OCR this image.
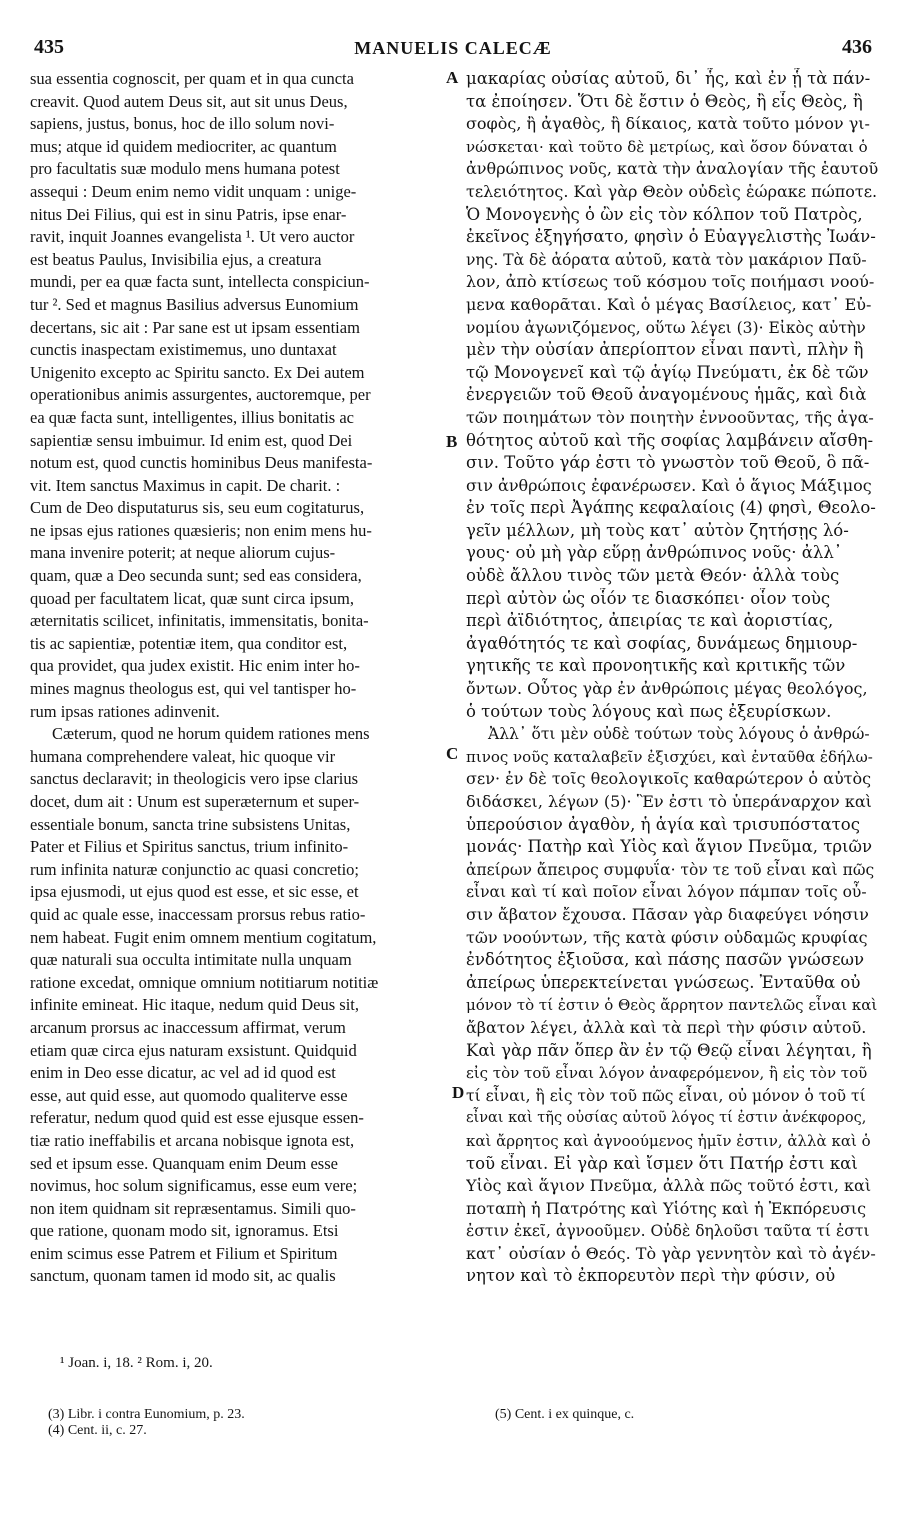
435	MANUELIS CALECÆ	436
sua essentia cognoscit, per quam et in qua cuncta
creavit. Quod autem Deus sit, aut sit unus Deus,
sapiens, justus, bonus, hoc de illo solum novi-
mus; atque id quidem mediocriter, ac quantum
pro facultatis suæ modulo mens humana potest
assequi : Deum enim nemo vidit unquam : unige-
nitus Dei Filius, qui est in sinu Patris, ipse enar-
ravit, inquit Joannes evangelista ¹. Ut vero auctor
est beatus Paulus, Invisibilia ejus, a creatura
mundi, per ea quæ facta sunt, intellecta conspiciun-
tur ². Sed et magnus Basilius adversus Eunomium
decertans, sic ait : Par sane est ut ipsam essentiam
cunctis inaspectam existimemus, uno duntaxat
Unigenito excepto ac Spiritu sancto. Ex Dei autem
operationibus animis assurgentes, auctoremque, per
ea quæ facta sunt, intelligentes, illius bonitatis ac
sapientiæ sensu imbuimur. Id enim est, quod Dei
notum est, quod cunctis hominibus Deus manifesta-
vit. Item sanctus Maximus in capit. De charit. :
Cum de Deo disputaturus sis, seu eum cogitaturus,
ne ipsas ejus rationes quæsieris; non enim mens hu-
mana invenire poterit; at neque aliorum cujus-
quam, quæ a Deo secunda sunt; sed eas considera,
quoad per facultatem licat, quæ sunt circa ipsum,
æternitatis scilicet, infinitatis, immensitatis, bonita-
tis ac sapientiæ, potentiæ item, qua conditor est,
qua providet, qua judex existit. Hic enim inter ho-
mines magnus theologus est, qui vel tantisper ho-
rum ipsas rationes adinvenit.
Cæterum, quod ne horum quidem rationes mens
humana comprehendere valeat, hic quoque vir
sanctus declaravit; in theologicis vero ipse clarius
docet, dum ait : Unum est superæternum et super-
essentiale bonum, sancta trine subsistens Unitas,
Pater et Filius et Spiritus sanctus, trium infinito-
rum infinita naturæ conjunctio ac quasi concretio;
ipsa ejusmodi, ut ejus quod est esse, et sic esse, et
quid ac quale esse, inaccessam prorsus rebus ratio-
nem habeat. Fugit enim omnem mentium cogitatum,
quæ naturali sua occulta intimitate nulla unquam
ratione excedat, omnique omnium notitiarum notitiæ
infinite emineat. Hic itaque, nedum quid Deus sit,
arcanum prorsus ac inaccessum affirmat, verum
etiam quæ circa ejus naturam exsistunt. Quidquid
enim in Deo esse dicatur, ac vel ad id quod est
esse, aut quid esse, aut quomodo qualiterve esse
referatur, nedum quod quid est esse ejusque essen-
tiæ ratio ineffabilis et arcana nobisque ignota est,
sed et ipsum esse. Quanquam enim Deum esse
novimus, hoc solum significamus, esse eum vere;
non item quidnam sit repræsentamus. Simili quo-
que ratione, quonam modo sit, ignoramus. Etsi
enim scimus esse Patrem et Filium et Spiritum
sanctum, quonam tamen id modo sit, ac qualis
μακαρίας οὐσίας αὐτοῦ, δι᾽ ἧς, καὶ ἐν ᾗ τὰ πάν-
τα ἐποίησεν. Ὅτι δὲ ἔστιν ὁ Θεὸς, ἢ εἷς Θεὸς, ἢ
σοφὸς, ἢ ἀγαθὸς, ἢ δίκαιος, κατὰ τοῦτο μόνον γι-
νώσκεται· καὶ τοῦτο δὲ μετρίως, καὶ ὅσον δύναται ὁ
ἀνθρώπινος νοῦς, κατὰ τὴν ἀναλογίαν τῆς ἑαυτοῦ
τελειότητος. Καὶ γὰρ Θεὸν οὐδεὶς ἑώρακε πώποτε.
Ὁ Μονογενὴς ὁ ὢν εἰς τὸν κόλπον τοῦ Πατρὸς,
ἐκεῖνος ἐξηγήσατο, φησὶν ὁ Εὐαγγελιστὴς Ἰωάν-
νης. Τὰ δὲ ἀόρατα αὐτοῦ, κατὰ τὸν μακάριον Παῦ-
λον, ἀπὸ κτίσεως τοῦ κόσμου τοῖς ποιήμασι νοού-
μενα καθορᾶται. Καὶ ὁ μέγας Βασίλειος, κατ᾽ Εὐ-
νομίου ἀγωνιζόμενος, οὕτω λέγει (3)· Εἰκὸς αὐτὴν
μὲν τὴν οὐσίαν ἀπερίοπτον εἶναι παντὶ, πλὴν ἢ
τῷ Μονογενεῖ καὶ τῷ ἁγίῳ Πνεύματι, ἐκ δὲ τῶν
ἐνεργειῶν τοῦ Θεοῦ ἀναγομένους ἡμᾶς, καὶ διὰ
τῶν ποιημάτων τὸν ποιητὴν ἐννοοῦντας, τῆς ἀγα-
θότητος αὐτοῦ καὶ τῆς σοφίας λαμβάνειν αἴσθη-
σιν. Τοῦτο γάρ ἐστι τὸ γνωστὸν τοῦ Θεοῦ, ὃ πᾶ-
σιν ἀνθρώποις ἐφανέρωσεν. Καὶ ὁ ἅγιος Μάξιμος
ἐν τοῖς περὶ Ἀγάπης κεφαλαίοις (4) φησὶ, Θεολο-
γεῖν μέλλων, μὴ τοὺς κατ᾽ αὐτὸν ζητήσῃς λό-
γους· οὐ μὴ γὰρ εὕρῃ ἀνθρώπινος νοῦς· ἀλλ᾽
οὐδὲ ἄλλου τινὸς τῶν μετὰ Θεόν· ἀλλὰ τοὺς
περὶ αὐτὸν ὡς οἷόν τε διασκόπει· οἷον τοὺς
περὶ ἀϊδιότητος, ἀπειρίας τε καὶ ἀοριστίας,
ἀγαθότητός τε καὶ σοφίας, δυνάμεως δημιουρ-
γητικῆς τε καὶ προνοητικῆς καὶ κριτικῆς τῶν
ὄντων. Οὗτος γὰρ ἐν ἀνθρώποις μέγας θεολόγος,
ὁ τούτων τοὺς λόγους καὶ πως ἐξευρίσκων.
Ἀλλ᾽ ὅτι μὲν οὐδὲ τούτων τοὺς λόγους ὁ ἀνθρώ-
πινος νοῦς καταλαβεῖν ἐξισχύει, καὶ ἐνταῦθα ἐδήλω-
σεν· ἐν δὲ τοῖς θεολογικοῖς καθαρώτερον ὁ αὐτὸς
διδάσκει, λέγων (5)· Ἓν ἐστι τὸ ὑπεράναρχον καὶ
ὑπερούσιον ἀγαθὸν, ἡ ἁγία καὶ τρισυπόστατος
μονάς· Πατὴρ καὶ Υἱὸς καὶ ἅγιον Πνεῦμα, τριῶν
ἀπείρων ἄπειρος συμφυΐα· τὸν τε τοῦ εἶναι καὶ πῶς
εἶναι καὶ τί καὶ ποῖον εἶναι λόγον πάμπαν τοῖς οὖ-
σιν ἄβατον ἔχουσα. Πᾶσαν γὰρ διαφεύγει νόησιν
τῶν νοούντων, τῆς κατὰ φύσιν οὐδαμῶς κρυφίας
ἐνδότητος ἐξιοῦσα, καὶ πάσης πασῶν γνώσεων
ἀπείρως ὑπερεκτείνεται γνώσεως. Ἐνταῦθα οὐ
μόνον τὸ τί ἐστιν ὁ Θεὸς ἄρρητον παντελῶς εἶναι καὶ
ἄβατον λέγει, ἀλλὰ καὶ τὰ περὶ τὴν φύσιν αὐτοῦ.
Καὶ γὰρ πᾶν ὅπερ ἂν ἐν τῷ Θεῷ εἶναι λέγηται, ἢ
εἰς τὸν τοῦ εἶναι λόγον ἀναφερόμενον, ἢ εἰς τὸν τοῦ
τί εἶναι, ἢ εἰς τὸν τοῦ πῶς εἶναι, οὐ μόνον ὁ τοῦ τί
εἶναι καὶ τῆς οὐσίας αὐτοῦ λόγος τί ἐστιν ἀνέκφορος,
καὶ ἄρρητος καὶ ἀγνοούμενος ἡμῖν ἐστιν, ἀλλὰ καὶ ὁ
τοῦ εἶναι. Εἰ γὰρ καὶ ἴσμεν ὅτι Πατήρ ἐστι καὶ
Υἱὸς καὶ ἅγιον Πνεῦμα, ἀλλὰ πῶς τοῦτό ἐστι, καὶ
ποταπὴ ἡ Πατρότης καὶ Υἱότης καὶ ἡ Ἐκπόρευσις
ἐστιν ἐκεῖ, ἀγνοοῦμεν. Οὐδὲ δηλοῦσι ταῦτα τί ἐστι
κατ᾽ οὐσίαν ὁ Θεός. Τὸ γὰρ γεννητὸν καὶ τὸ ἀγέν-
νητον καὶ τὸ ἐκπορευτὸν περὶ τὴν φύσιν, οὐ
A
B
C
D
¹ Joan. i, 18. ² Rom. i, 20.
(3) Libr. i contra Eunomium, p. 23.
(4) Cent. ii, c. 27.
(5) Cent. i ex quinque, c.
